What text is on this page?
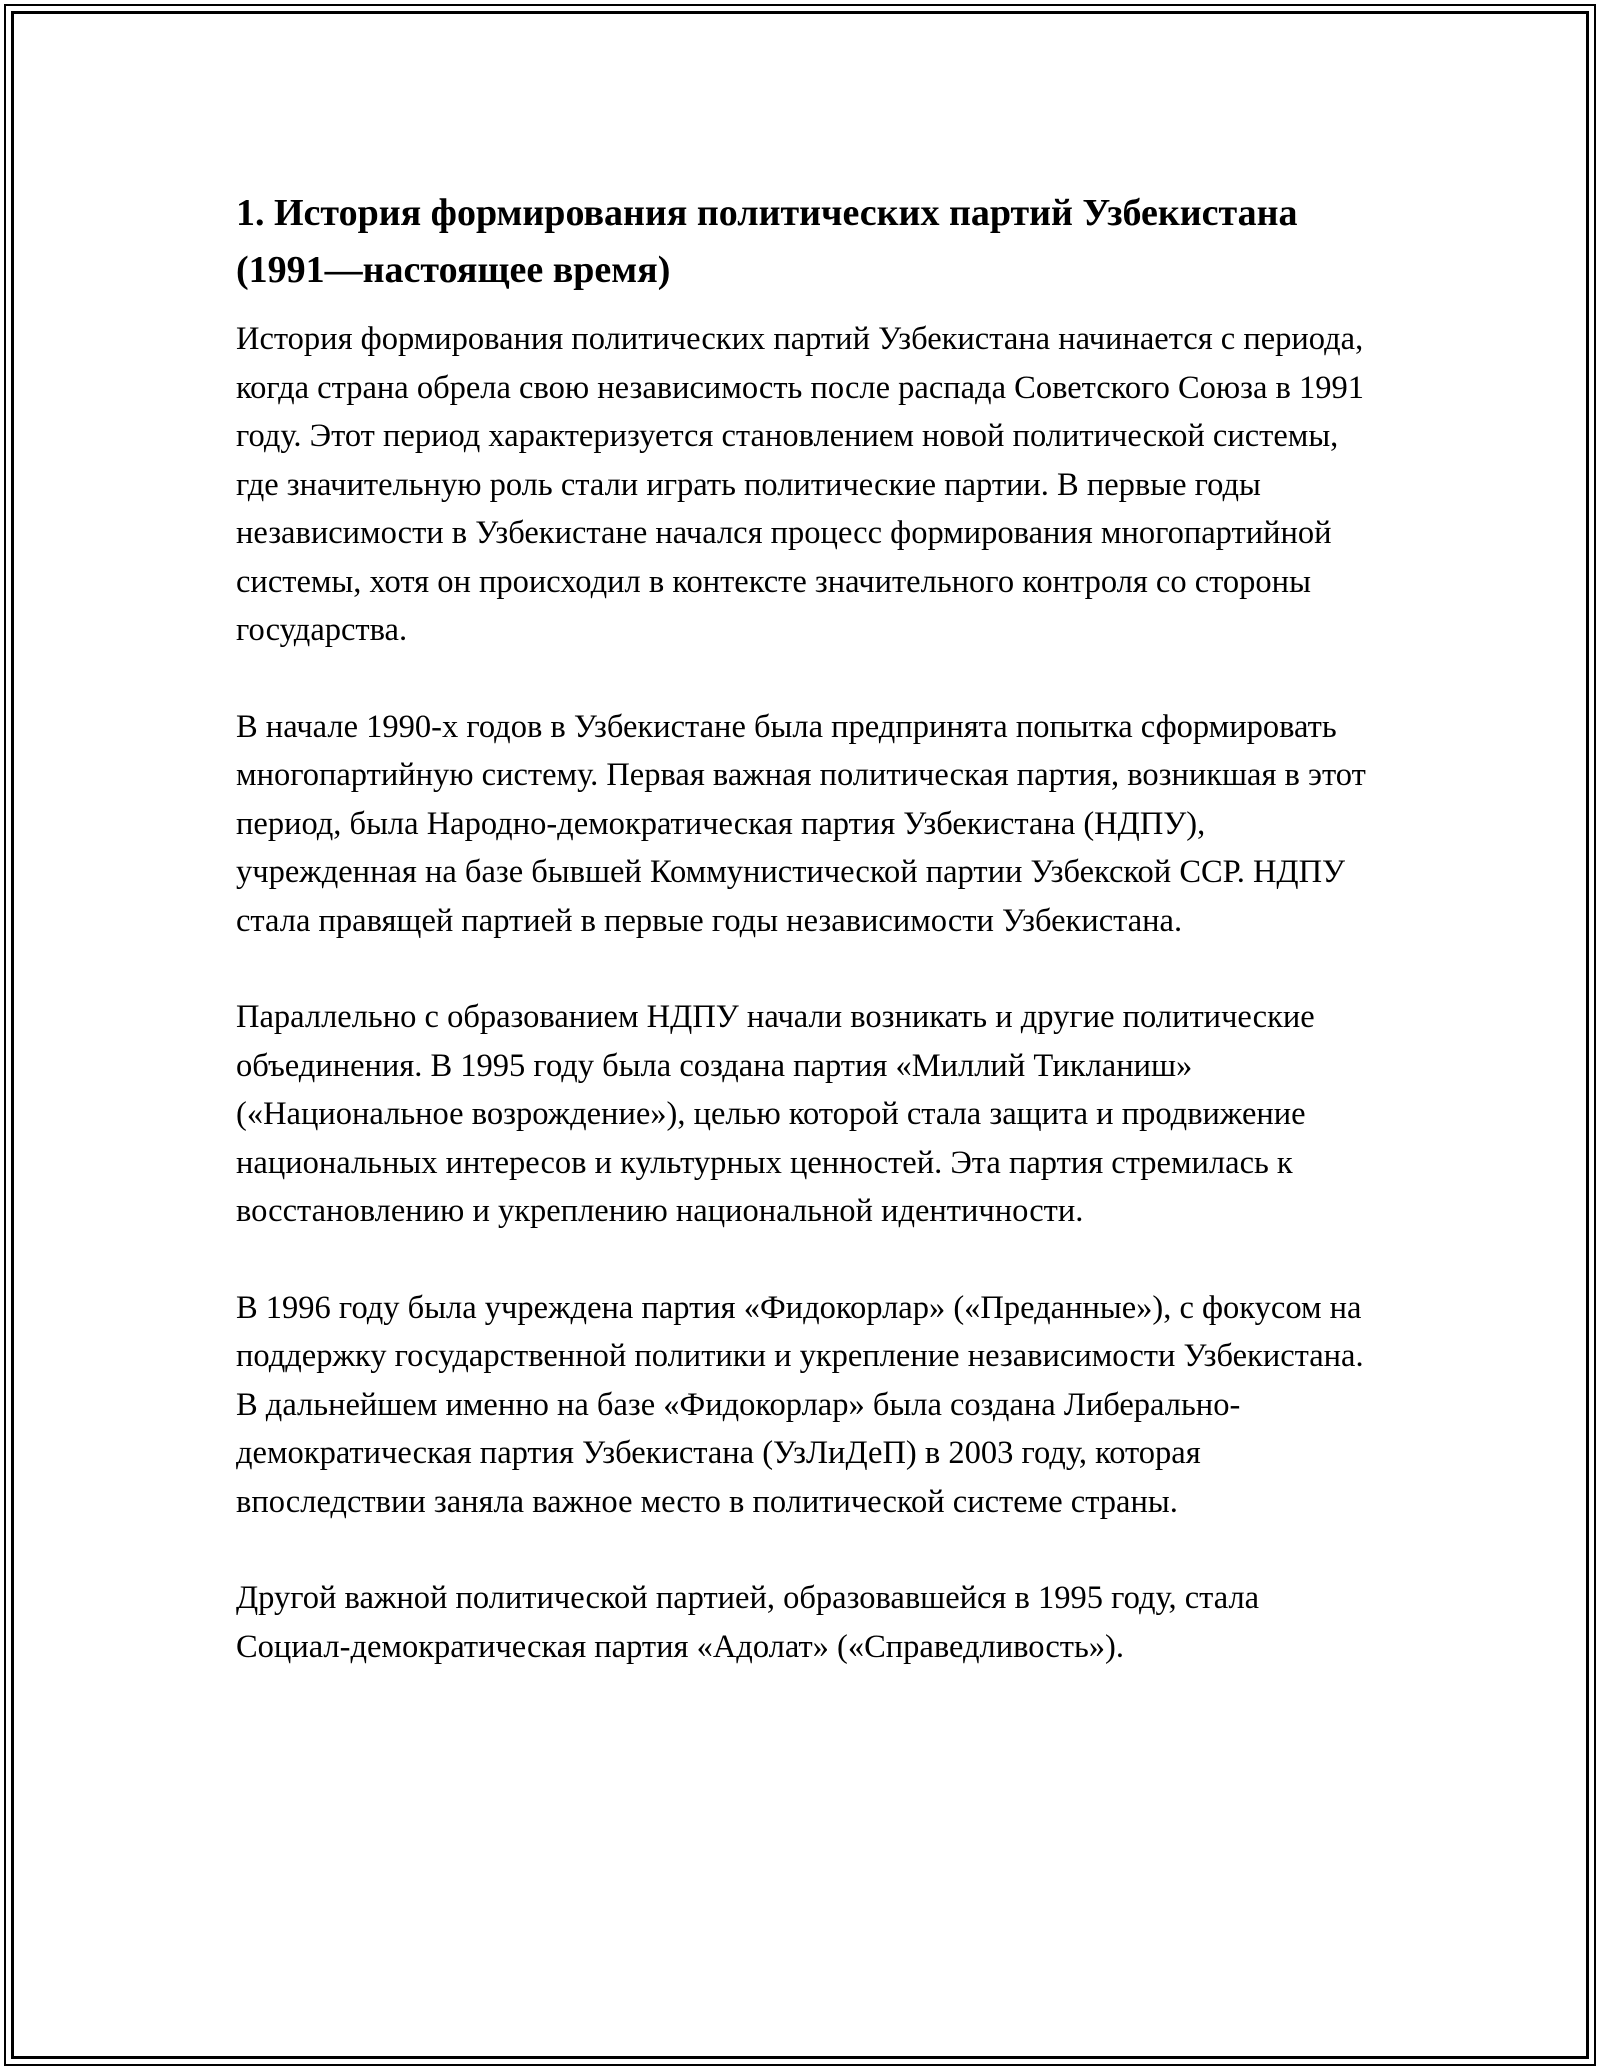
1. История формирования политических партий Узбекистана (1991—настоящее время)

История формирования политических партий Узбекистана начинается с периода, когда страна обрела свою независимость после распада Советского Союза в 1991 году. Этот период характеризуется становлением новой политической системы, где значительную роль стали играть политические партии. В первые годы независимости в Узбекистане начался процесс формирования многопартийной системы, хотя он происходил в контексте значительного контроля со стороны государства.

В начале 1990-х годов в Узбекистане была предпринята попытка сформировать многопартийную систему. Первая важная политическая партия, возникшая в этот период, была Народно-демократическая партия Узбекистана (НДПУ), учрежденная на базе бывшей Коммунистической партии Узбекской ССР. НДПУ стала правящей партией в первые годы независимости Узбекистана.

Параллельно с образованием НДПУ начали возникать и другие политические объединения. В 1995 году была создана партия «Миллий Тикланиш» («Национальное возрождение»), целью которой стала защита и продвижение национальных интересов и культурных ценностей. Эта партия стремилась к восстановлению и укреплению национальной идентичности.

В 1996 году была учреждена партия «Фидокорлар» («Преданные»), с фокусом на поддержку государственной политики и укрепление независимости Узбекистана. В дальнейшем именно на базе «Фидокорлар» была создана Либерально-демократическая партия Узбекистана (УзЛиДеП) в 2003 году, которая впоследствии заняла важное место в политической системе страны.

Другой важной политической партией, образовавшейся в 1995 году, стала Социал-демократическая партия «Адолат» («Справедливость»).
